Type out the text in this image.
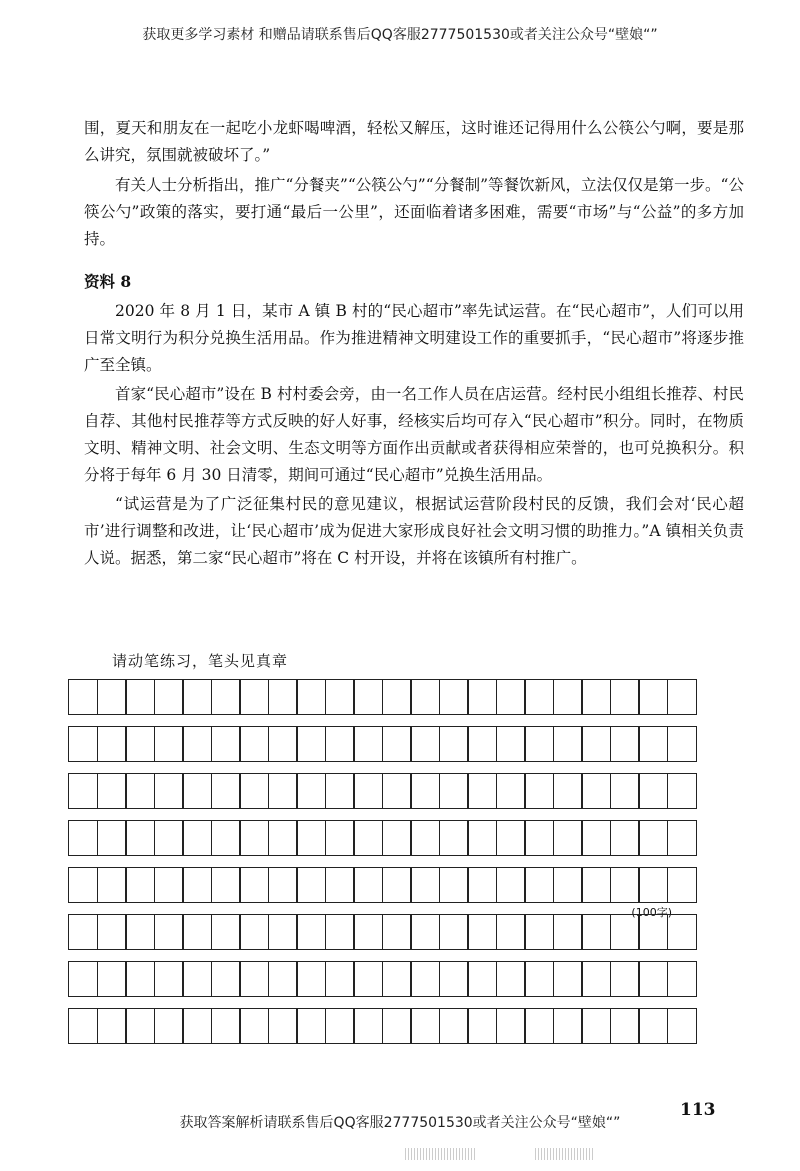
获取更多学习素材 和赠品请联系售后QQ客服2777501530或者关注公众号“壁娘“”

围，夏天和朋友在一起吃小龙虾喝啤酒，轻松又解压，这时谁还记得用什么公筷公勺啊，要是那么讲究，氛围就被破坏了。”

有关人士分析指出，推广“分餐夹”“公筷公勺”“分餐制”等餐饮新风，立法仅仅是第一步。“公筷公勺”政策的落实，要打通“最后一公里”，还面临着诸多困难，需要“市场”与“公益”的多方加持。

资料 8

2020 年 8 月 1 日，某市 A 镇 B 村的“民心超市”率先试运营。在“民心超市”，人们可以用日常文明行为积分兑换生活用品。作为推进精神文明建设工作的重要抓手，“民心超市”将逐步推广至全镇。

首家“民心超市”设在 B 村村委会旁，由一名工作人员在店运营。经村民小组组长推荐、村民自荐、其他村民推荐等方式反映的好人好事，经核实后均可存入“民心超市”积分。同时，在物质文明、精神文明、社会文明、生态文明等方面作出贡献或者获得相应荣誉的，也可兑换积分。积分将于每年 6 月 30 日清零，期间可通过“民心超市”兑换生活用品。

“试运营是为了广泛征集村民的意见建议，根据试运营阶段村民的反馈，我们会对‘民心超市’进行调整和改进，让‘民心超市’成为促进大家形成良好社会文明习惯的助推力。”A 镇相关负责人说。据悉，第二家“民心超市”将在 C 村开设，并将在该镇所有村推广。

请动笔练习，笔头见真章
(100字)
113
获取答案解析请联系售后QQ客服2777501530或者关注公众号“壁娘“”
